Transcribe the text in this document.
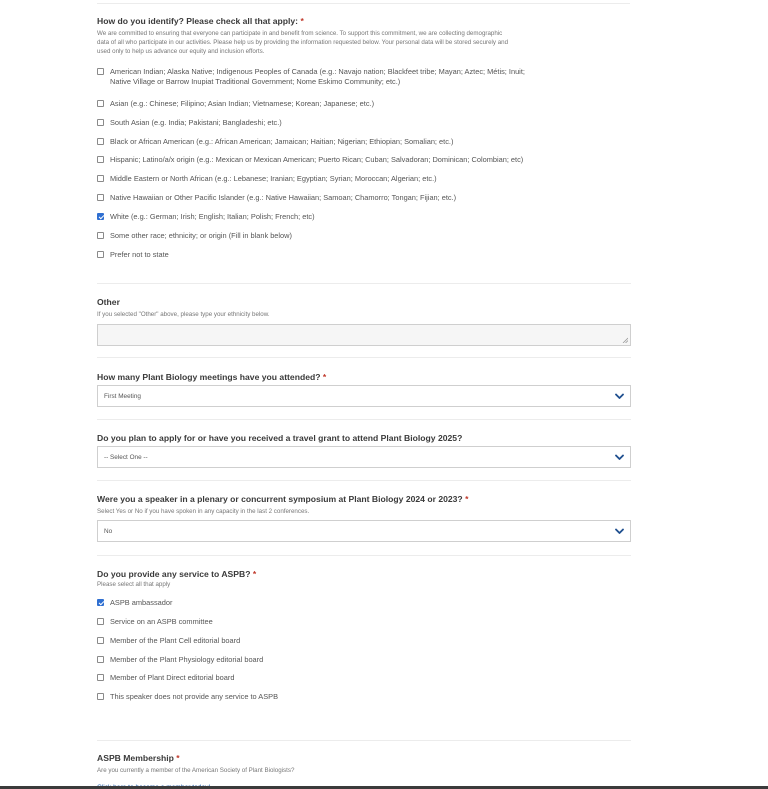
How do you identify? Please check all that apply: *
We are committed to ensuring that everyone can participate in and benefit from science. To support this commitment, we are collecting demographic
data of all who participate in our activities. Please help us by providing the information requested below. Your personal data will be stored securely and
used only to help us advance our equity and inclusion efforts.
American Indian; Alaska Native; Indigenous Peoples of Canada (e.g.: Navajo nation; Blackfeet tribe; Mayan; Aztec; Métis; Inuit;
Native Village or Barrow Inupiat Traditional Government; Nome Eskimo Community; etc.)
Asian (e.g.: Chinese; Filipino; Asian Indian; Vietnamese; Korean; Japanese; etc.)
South Asian (e.g. India; Pakistani; Bangladeshi; etc.)
Black or African American (e.g.: African American; Jamaican; Haitian; Nigerian; Ethiopian; Somalian; etc.)
Hispanic; Latino/a/x origin (e.g.: Mexican or Mexican American; Puerto Rican; Cuban; Salvadoran; Dominican; Colombian; etc)
Middle Eastern or North African (e.g.: Lebanese; Iranian; Egyptian; Syrian; Moroccan; Algerian; etc.)
Native Hawaiian or Other Pacific Islander (e.g.: Native Hawaiian; Samoan; Chamorro; Tongan; Fijian; etc.)
White (e.g.: German; Irish; English; Italian; Polish; French; etc)
Some other race; ethnicity; or origin (Fill in blank below)
Prefer not to state
Other
If you selected "Other" above, please type your ethnicity below.
How many Plant Biology meetings have you attended? *
First Meeting
Do you plan to apply for or have you received a travel grant to attend Plant Biology 2025?
-- Select One --
Were you a speaker in a plenary or concurrent symposium at Plant Biology 2024 or 2023? *
Select Yes or No if you have spoken in any capacity in the last 2 conferences.
No
Do you provide any service to ASPB? *
Please select all that apply
ASPB ambassador
Service on an ASPB committee
Member of the Plant Cell editorial board
Member of the Plant Physiology editorial board
Member of Plant Direct editorial board
This speaker does not provide any service to ASPB
ASPB Membership *
Are you currently a member of the American Society of Plant Biologists?
